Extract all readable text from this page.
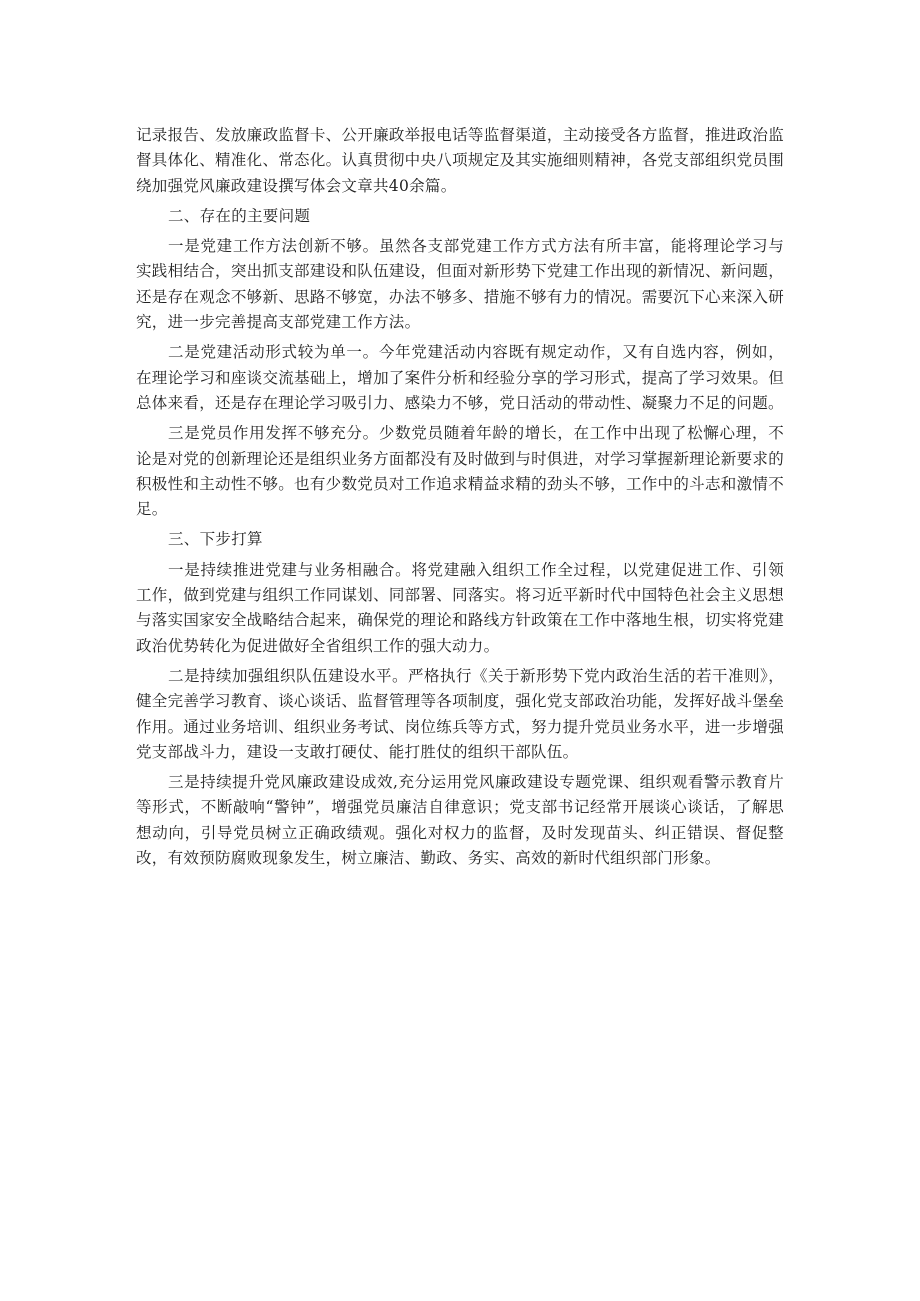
记录报告、发放廉政监督卡、公开廉政举报电话等监督渠道，主动接受各方监督，推进政治监督具体化、精准化、常态化。认真贯彻中央八项规定及其实施细则精神，各党支部组织党员围绕加强党风廉政建设撰写体会文章共40余篇。

二、存在的主要问题

一是党建工作方法创新不够。虽然各支部党建工作方式方法有所丰富，能将理论学习与实践相结合，突出抓支部建设和队伍建设，但面对新形势下党建工作出现的新情况、新问题，还是存在观念不够新、思路不够宽，办法不够多、措施不够有力的情况。需要沉下心来深入研究，进一步完善提高支部党建工作方法。

二是党建活动形式较为单一。今年党建活动内容既有规定动作，又有自选内容，例如，在理论学习和座谈交流基础上，增加了案件分析和经验分享的学习形式，提高了学习效果。但总体来看，还是存在理论学习吸引力、感染力不够，党日活动的带动性、凝聚力不足的问题。

三是党员作用发挥不够充分。少数党员随着年龄的增长，在工作中出现了松懈心理，不论是对党的创新理论还是组织业务方面都没有及时做到与时俱进，对学习掌握新理论新要求的积极性和主动性不够。也有少数党员对工作追求精益求精的劲头不够，工作中的斗志和激情不足。

三、下步打算

一是持续推进党建与业务相融合。将党建融入组织工作全过程，以党建促进工作、引领工作，做到党建与组织工作同谋划、同部署、同落实。将习近平新时代中国特色社会主义思想与落实国家安全战略结合起来，确保党的理论和路线方针政策在工作中落地生根，切实将党建政治优势转化为促进做好全省组织工作的强大动力。

二是持续加强组织队伍建设水平。严格执行《关于新形势下党内政治生活的若干准则》，健全完善学习教育、谈心谈话、监督管理等各项制度，强化党支部政治功能，发挥好战斗堡垒作用。通过业务培训、组织业务考试、岗位练兵等方式，努力提升党员业务水平，进一步增强党支部战斗力，建设一支敢打硬仗、能打胜仗的组织干部队伍。

三是持续提升党风廉政建设成效,充分运用党风廉政建设专题党课、组织观看警示教育片等形式，不断敲响“警钟”，增强党员廉洁自律意识；党支部书记经常开展谈心谈话，了解思想动向，引导党员树立正确政绩观。强化对权力的监督，及时发现苗头、纠正错误、督促整改，有效预防腐败现象发生，树立廉洁、勤政、务实、高效的新时代组织部门形象。
